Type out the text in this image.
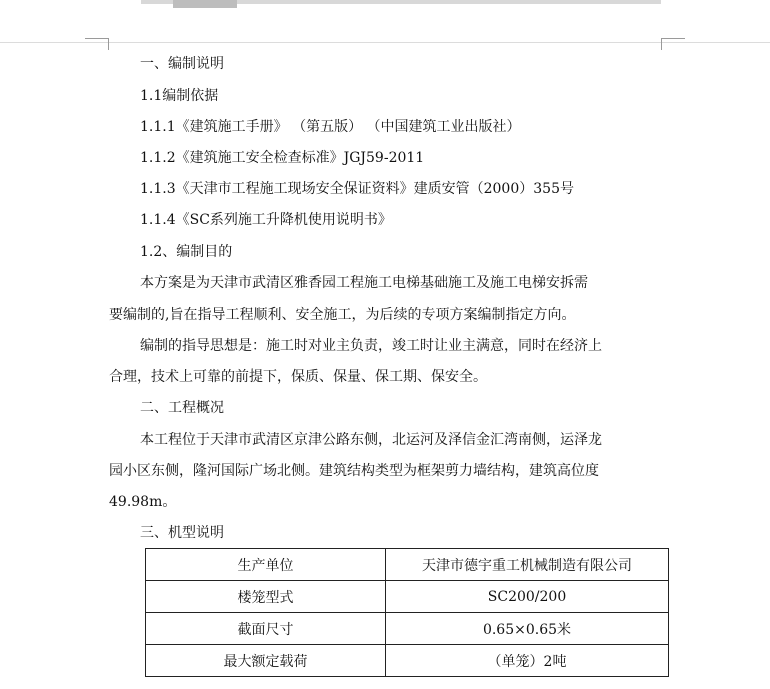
一、编制说明
1.1编制依据
1.1.1《建筑施工手册》 （第五版） （中国建筑工业出版社）
1.1.2《建筑施工安全检查标准》JGJ59-2011
1.1.3《天津市工程施工现场安全保证资料》建质安管（2000）355号
1.1.4《SC系列施工升降机使用说明书》
1.2、编制目的
本方案是为天津市武清区雅香园工程施工电梯基础施工及施工电梯安拆需
要编制的,旨在指导工程顺利、安全施工，为后续的专项方案编制指定方向。
编制的指导思想是：施工时对业主负责，竣工时让业主满意，同时在经济上
合理，技术上可靠的前提下，保质、保量、保工期、保安全。
二、工程概况
本工程位于天津市武清区京津公路东侧，北运河及泽信金汇湾南侧，运泽龙
园小区东侧，隆河国际广场北侧。建筑结构类型为框架剪力墙结构，建筑高位度
49.98m。
三、机型说明
生产单位	天津市德宇重工机械制造有限公司
楼笼型式	SC200/200
截面尺寸	0.65×0.65米
最大额定载荷	（单笼）2吨
